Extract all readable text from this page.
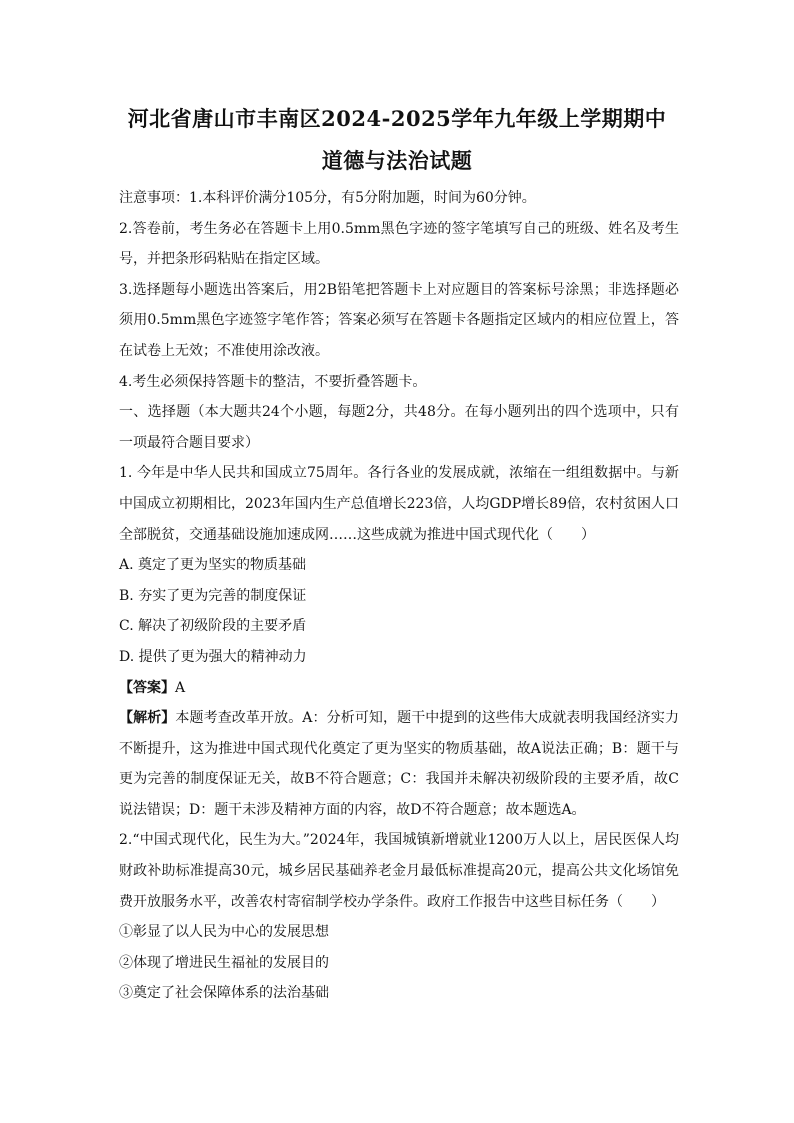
河北省唐山市丰南区2024-2025学年九年级上学期期中
道德与法治试题

注意事项：1.本科评价满分105分，有5分附加题，时间为60分钟。

2.答卷前，考生务必在答题卡上用0.5mm黑色字迹的签字笔填写自己的班级、姓名及考生号，并把条形码粘贴在指定区域。

3.选择题每小题选出答案后，用2B铅笔把答题卡上对应题目的答案标号涂黑；非选择题必须用0.5mm黑色字迹签字笔作答；答案必须写在答题卡各题指定区域内的相应位置上，答在试卷上无效；不准使用涂改液。

4.考生必须保持答题卡的整洁，不要折叠答题卡。

一、选择题（本大题共24个小题，每题2分，共48分。在每小题列出的四个选项中，只有一项最符合题目要求）

1. 今年是中华人民共和国成立75周年。各行各业的发展成就，浓缩在一组组数据中。与新中国成立初期相比，2023年国内生产总值增长223倍，人均GDP增长89倍，农村贫困人口全部脱贫，交通基础设施加速成网……这些成就为推进中国式现代化（　　）

A. 奠定了更为坚实的物质基础

B. 夯实了更为完善的制度保证

C. 解决了初级阶段的主要矛盾

D. 提供了更为强大的精神动力

【答案】A

【解析】本题考查改革开放。A：分析可知，题干中提到的这些伟大成就表明我国经济实力不断提升，这为推进中国式现代化奠定了更为坚实的物质基础，故A说法正确；B：题干与更为完善的制度保证无关，故B不符合题意；C：我国并未解决初级阶段的主要矛盾，故C说法错误；D：题干未涉及精神方面的内容，故D不符合题意；故本题选A。

2.“中国式现代化，民生为大。”2024年，我国城镇新增就业1200万人以上，居民医保人均财政补助标准提高30元，城乡居民基础养老金月最低标准提高20元，提高公共文化场馆免费开放服务水平，改善农村寄宿制学校办学条件。政府工作报告中这些目标任务（　　）

①彰显了以人民为中心的发展思想

②体现了增进民生福祉的发展目的

③奠定了社会保障体系的法治基础
